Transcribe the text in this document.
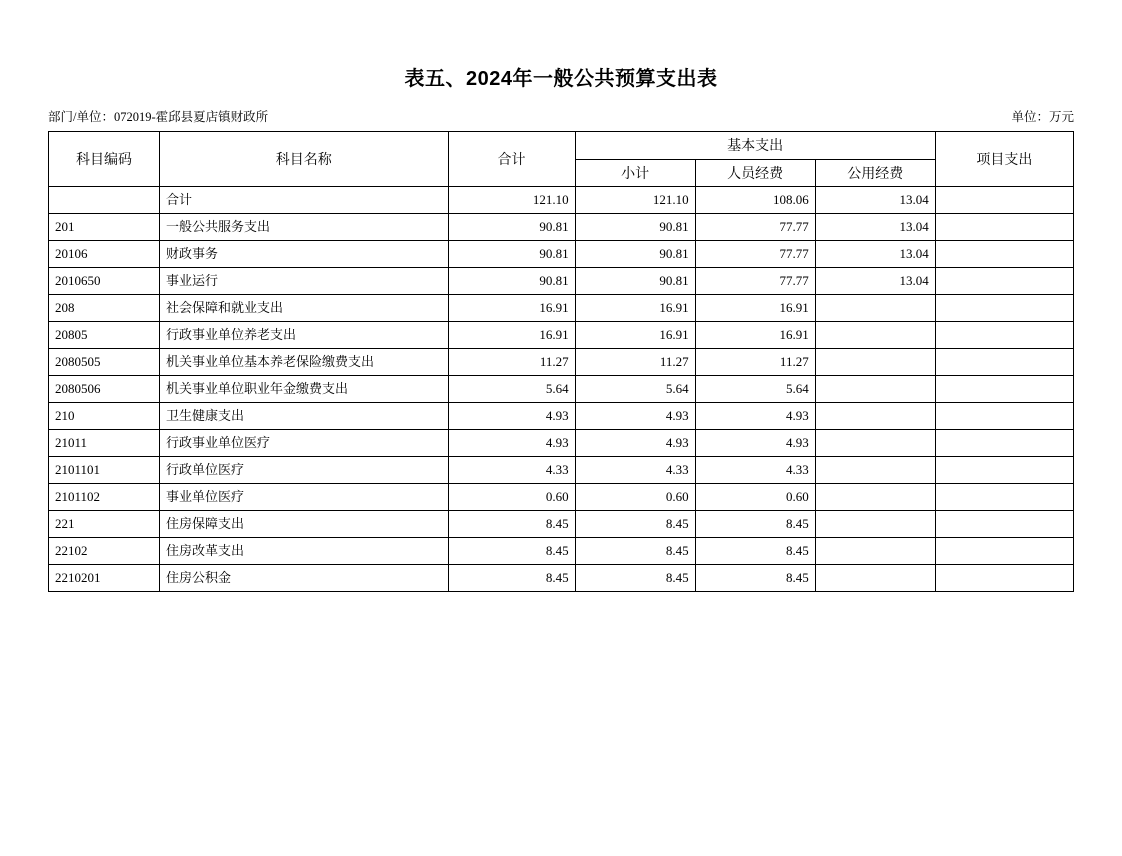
表五、2024年一般公共预算支出表
部门/单位：072019-霍邱县夏店镇财政所	单位：万元
科目编码	科目名称	合计	基本支出			项目支出
			小计	人员经费	公用经费	
	合计	121.10	121.10	108.06	13.04	
201	一般公共服务支出	90.81	90.81	77.77	13.04	
20106	财政事务	90.81	90.81	77.77	13.04	
2010650	事业运行	90.81	90.81	77.77	13.04	
208	社会保障和就业支出	16.91	16.91	16.91		
20805	行政事业单位养老支出	16.91	16.91	16.91		
2080505	机关事业单位基本养老保险缴费支出	11.27	11.27	11.27		
2080506	机关事业单位职业年金缴费支出	5.64	5.64	5.64		
210	卫生健康支出	4.93	4.93	4.93		
21011	行政事业单位医疗	4.93	4.93	4.93		
2101101	行政单位医疗	4.33	4.33	4.33		
2101102	事业单位医疗	0.60	0.60	0.60		
221	住房保障支出	8.45	8.45	8.45		
22102	住房改革支出	8.45	8.45	8.45		
2210201	住房公积金	8.45	8.45	8.45		
